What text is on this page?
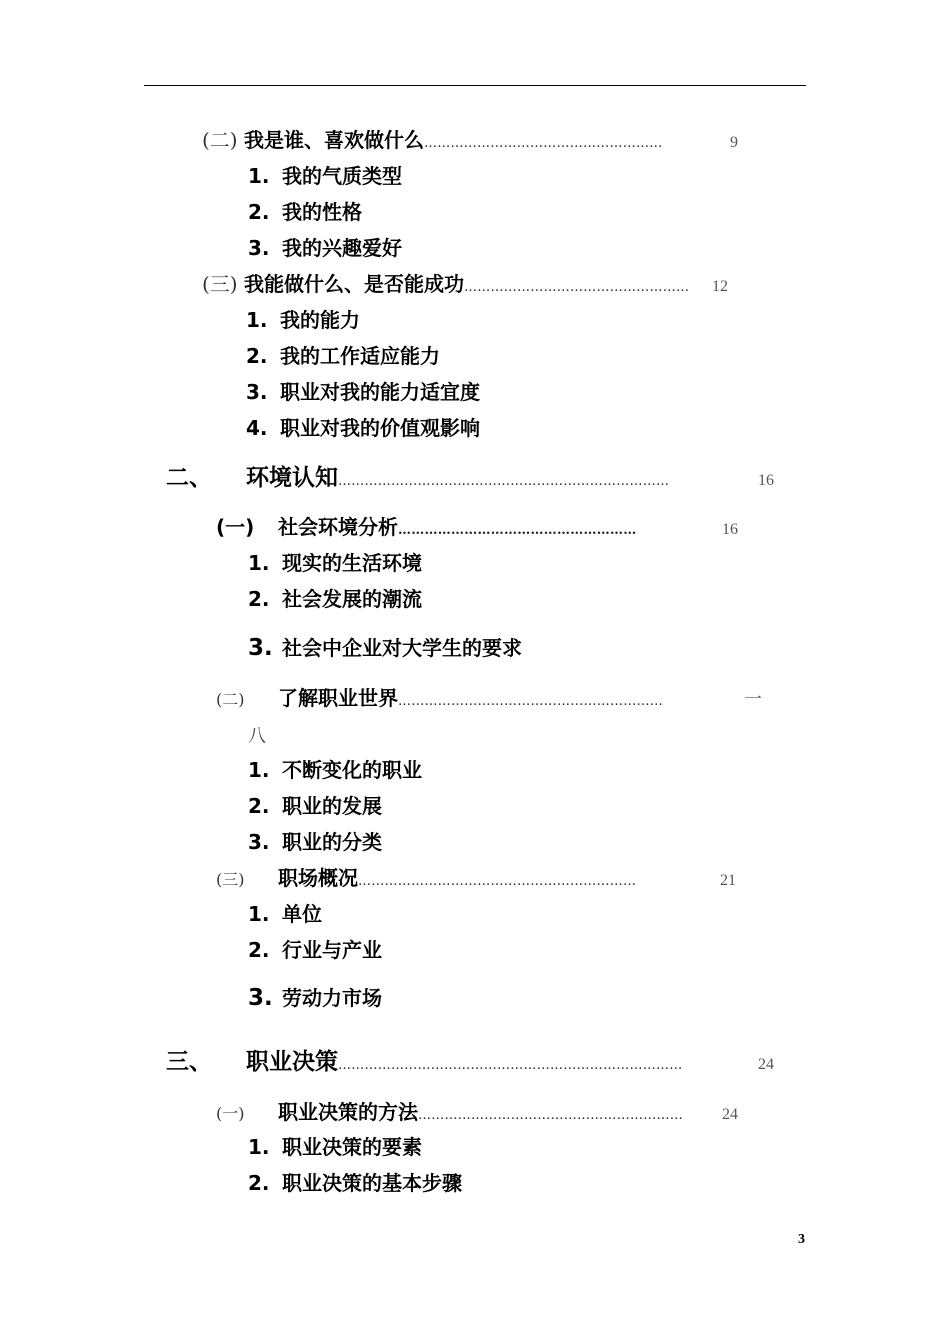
(二) 我是谁、喜欢做什么 ………………………………………………	9
1. 我的气质类型
2. 我的性格
3. 我的兴趣爱好
(三) 我能做什么、是否能成功 ……………………………………………	12
1. 我的能力
2. 我的工作适应能力
3. 职业对我的能力适宜度
4. 职业对我的价值观影响
二、	环境认知 …………………………………………………………………	16
(一)	社会环境分析 ………………………………………………	16
1. 现实的生活环境
2. 社会发展的潮流
3. 社会中企业对大学生的要求
(二)	了解职业世界 ……………………………………………………	一
八
1. 不断变化的职业
2. 职业的发展
3. 职业的分类
(三)	职场概况 ………………………………………………………	21
1. 单位
2. 行业与产业
3. 劳动力市场
三、	职业决策 ……………………………………………………………………	24
(一)	职业决策的方法 ……………………………………………………	24
1. 职业决策的要素
2. 职业决策的基本步骤
3
